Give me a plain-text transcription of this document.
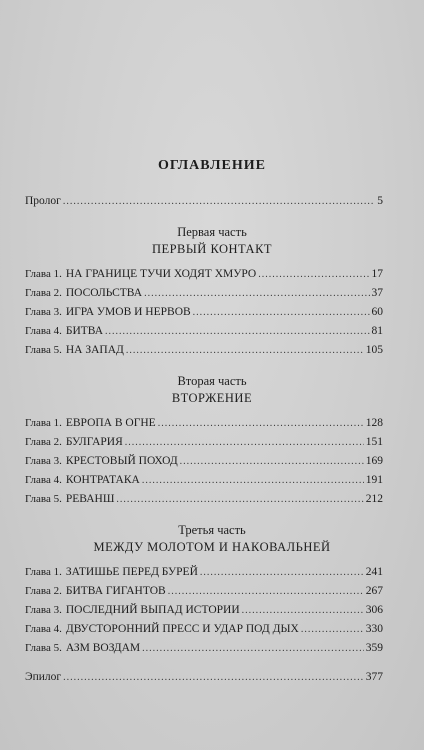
ОГЛАВЛЕНИЕ
Пролог .....	5
Первая часть
ПЕРВЫЙ КОНТАКТ
Глава 1. НА ГРАНИЦЕ ТУЧИ ХОДЯТ ХМУРО .....	17
Глава 2. ПОСОЛЬСТВА .....	37
Глава 3. ИГРА УМОВ И НЕРВОВ .....	60
Глава 4. БИТВА .....	81
Глава 5. НА ЗАПАД .....	105
Вторая часть
ВТОРЖЕНИЕ
Глава 1. ЕВРОПА В ОГНЕ .....	128
Глава 2. БУЛГАРИЯ .....	151
Глава 3. КРЕСТОВЫЙ ПОХОД .....	169
Глава 4. КОНТРАТАКА .....	191
Глава 5. РЕВАНШ .....	212
Третья часть
МЕЖДУ МОЛОТОМ И НАКОВАЛЬНЕЙ
Глава 1. ЗАТИШЬЕ ПЕРЕД БУРЕЙ .....	241
Глава 2. БИТВА ГИГАНТОВ .....	267
Глава 3. ПОСЛЕДНИЙ ВЫПАД ИСТОРИИ .....	306
Глава 4. ДВУСТОРОННИЙ ПРЕСС И УДАР ПОД ДЫХ .....	330
Глава 5. АЗМ ВОЗДАМ .....	359
Эпилог .....	377
